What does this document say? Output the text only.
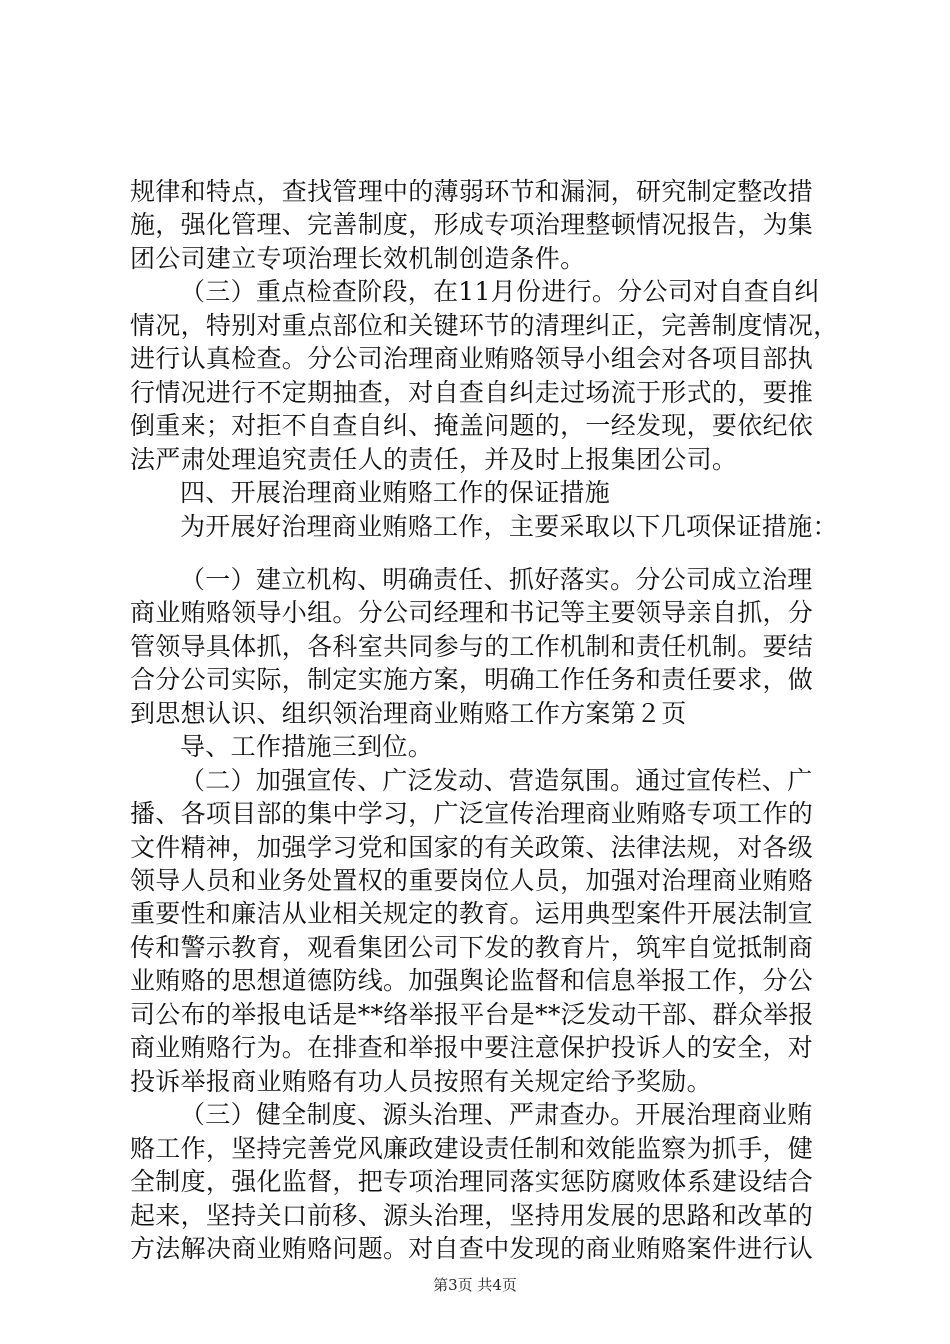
规律和特点，查找管理中的薄弱环节和漏洞，研究制定整改措
施，强化管理、完善制度，形成专项治理整顿情况报告，为集
团公司建立专项治理长效机制创造条件。
（三）重点检查阶段，在11月份进行。分公司对自查自纠
情况，特别对重点部位和关键环节的清理纠正，完善制度情况，
进行认真检查。分公司治理商业贿赂领导小组会对各项目部执
行情况进行不定期抽查，对自查自纠走过场流于形式的，要推
倒重来；对拒不自查自纠、掩盖问题的，一经发现，要依纪依
法严肃处理追究责任人的责任，并及时上报集团公司。
四、开展治理商业贿赂工作的保证措施
为开展好治理商业贿赂工作，主要采取以下几项保证措施：
（一）建立机构、明确责任、抓好落实。分公司成立治理
商业贿赂领导小组。分公司经理和书记等主要领导亲自抓，分
管领导具体抓，各科室共同参与的工作机制和责任机制。要结
合分公司实际，制定实施方案，明确工作任务和责任要求，做
到思想认识、组织领治理商业贿赂工作方案第２页
导、工作措施三到位。
（二）加强宣传、广泛发动、营造氛围。通过宣传栏、广
播、各项目部的集中学习，广泛宣传治理商业贿赂专项工作的
文件精神，加强学习党和国家的有关政策、法律法规，对各级
领导人员和业务处置权的重要岗位人员，加强对治理商业贿赂
重要性和廉洁从业相关规定的教育。运用典型案件开展法制宣
传和警示教育，观看集团公司下发的教育片，筑牢自觉抵制商
业贿赂的思想道德防线。加强舆论监督和信息举报工作，分公
司公布的举报电话是**络举报平台是**泛发动干部、群众举报
商业贿赂行为。在排查和举报中要注意保护投诉人的安全，对
投诉举报商业贿赂有功人员按照有关规定给予奖励。
（三）健全制度、源头治理、严肃查办。开展治理商业贿
赂工作，坚持完善党风廉政建设责任制和效能监察为抓手，健
全制度，强化监督，把专项治理同落实惩防腐败体系建设结合
起来，坚持关口前移、源头治理，坚持用发展的思路和改革的
方法解决商业贿赂问题。对自查中发现的商业贿赂案件进行认
第3页 共4页
